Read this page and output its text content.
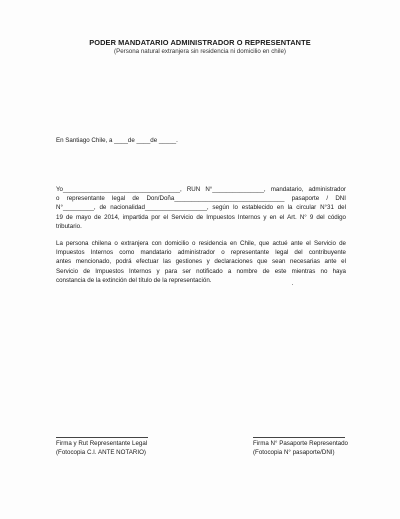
PODER MANDATARIO ADMINISTRADOR O REPRESENTANTE
(Persona natural extranjera sin residencia ni domicilio en chile)
En Santiago Chile, a ____de ____de _____.
Yo__________________________________, RUN N°_______________, mandatario, administrador
o representante legal de Don/Doña________________________________ pasaporte / DNI
N°_________, de nacionalidad__________________, según lo establecido en la circular N°31 del
19 de mayo de 2014, impartida por el Servicio de Impuestos Internos y en el Art. N° 9 del código
tributario.
La persona chilena o extranjera con domicilio o residencia en Chile, que actué ante el Servicio de
Impuestos Internos como mandatario administrador o representante legal del contribuyente
antes mencionado, podrá efectuar las gestiones y declaraciones que sean necesarias ante el
Servicio de Impuestos Internos y para ser notificado a nombre de este mientras no haya
constancia de la extinción del título de la representación.
Firma y Rut Representante Legal
(Fotocopia C.I. ANTE NOTARIO)
Firma N° Pasaporte Representado
(Fotocopia N° pasaporte/DNI)
